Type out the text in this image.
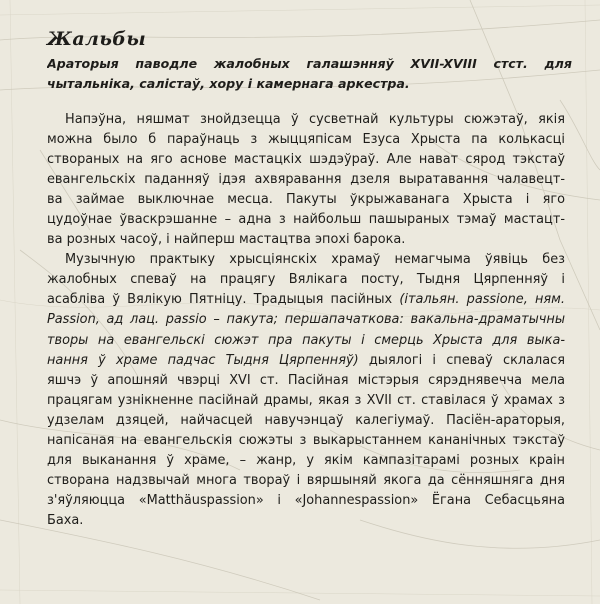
Жальбы
Араторыя паводле жалобных галашэнняў XVII-XVIII стст. для
чытальніка, салістаў, хору і камернага аркестра.
Напэўна, няшмат знойдзецца ў сусветнай культуры сюжэтаў, якія
можна было б параўнаць з жыццяпісам Езуса Хрыста па колькасці
створаных на яго аснове мастацкіх шэдэўраў. Але нават сярод тэкстаў
евангельскіх паданняў ідэя ахвяравання дзеля выратавання чалавецт-
ва займае выключнае месца. Пакуты ўкрыжаванага Хрыста і яго
цудоўнае ўваскрэшанне – адна з найбольш пашыраных тэмаў мастацт-
ва розных часоў, і найперш мастацтва эпохі барока.
Музычную практыку хрысціянскіх храмаў немагчыма ўявіць без
жалобных спеваў на працягу Вялікага посту, Тыдня Цярпенняў і
асабліва ў Вялікую Пятніцу. Традыцыя пасійных (італьян. passione, ням.
Passion, ад лац. passio – пакута; першапачаткова: вакальна-драматычны
творы на евангельскі сюжэт пра пакуты і смерць Хрыста для выка-
нання ў храме падчас Тыдня Цярпенняў) дыялогі і спеваў склалася
яшчэ ў апошняй чвэрці XVI ст. Пасійная містэрыя сярэднявечча мела
працягам узнікненне пасійнай драмы, якая з XVII ст. ставілася ў храмах з
удзелам дзяцей, найчасцей навучэнцаў калегіумаў. Пасіён-араторыя,
напісаная на евангельскія сюжэты з выкарыстаннем кананічных тэкстаў
для выканання ў храме, – жанр, у якім кампазітарамі розных краін
створана надзвычай многа твораў і вяршыняй якога да сённяшняга дня
з'яўляюцца «Matthäuspassion» і «Johannespassion» Ёгана Себасцьяна
Баха.
